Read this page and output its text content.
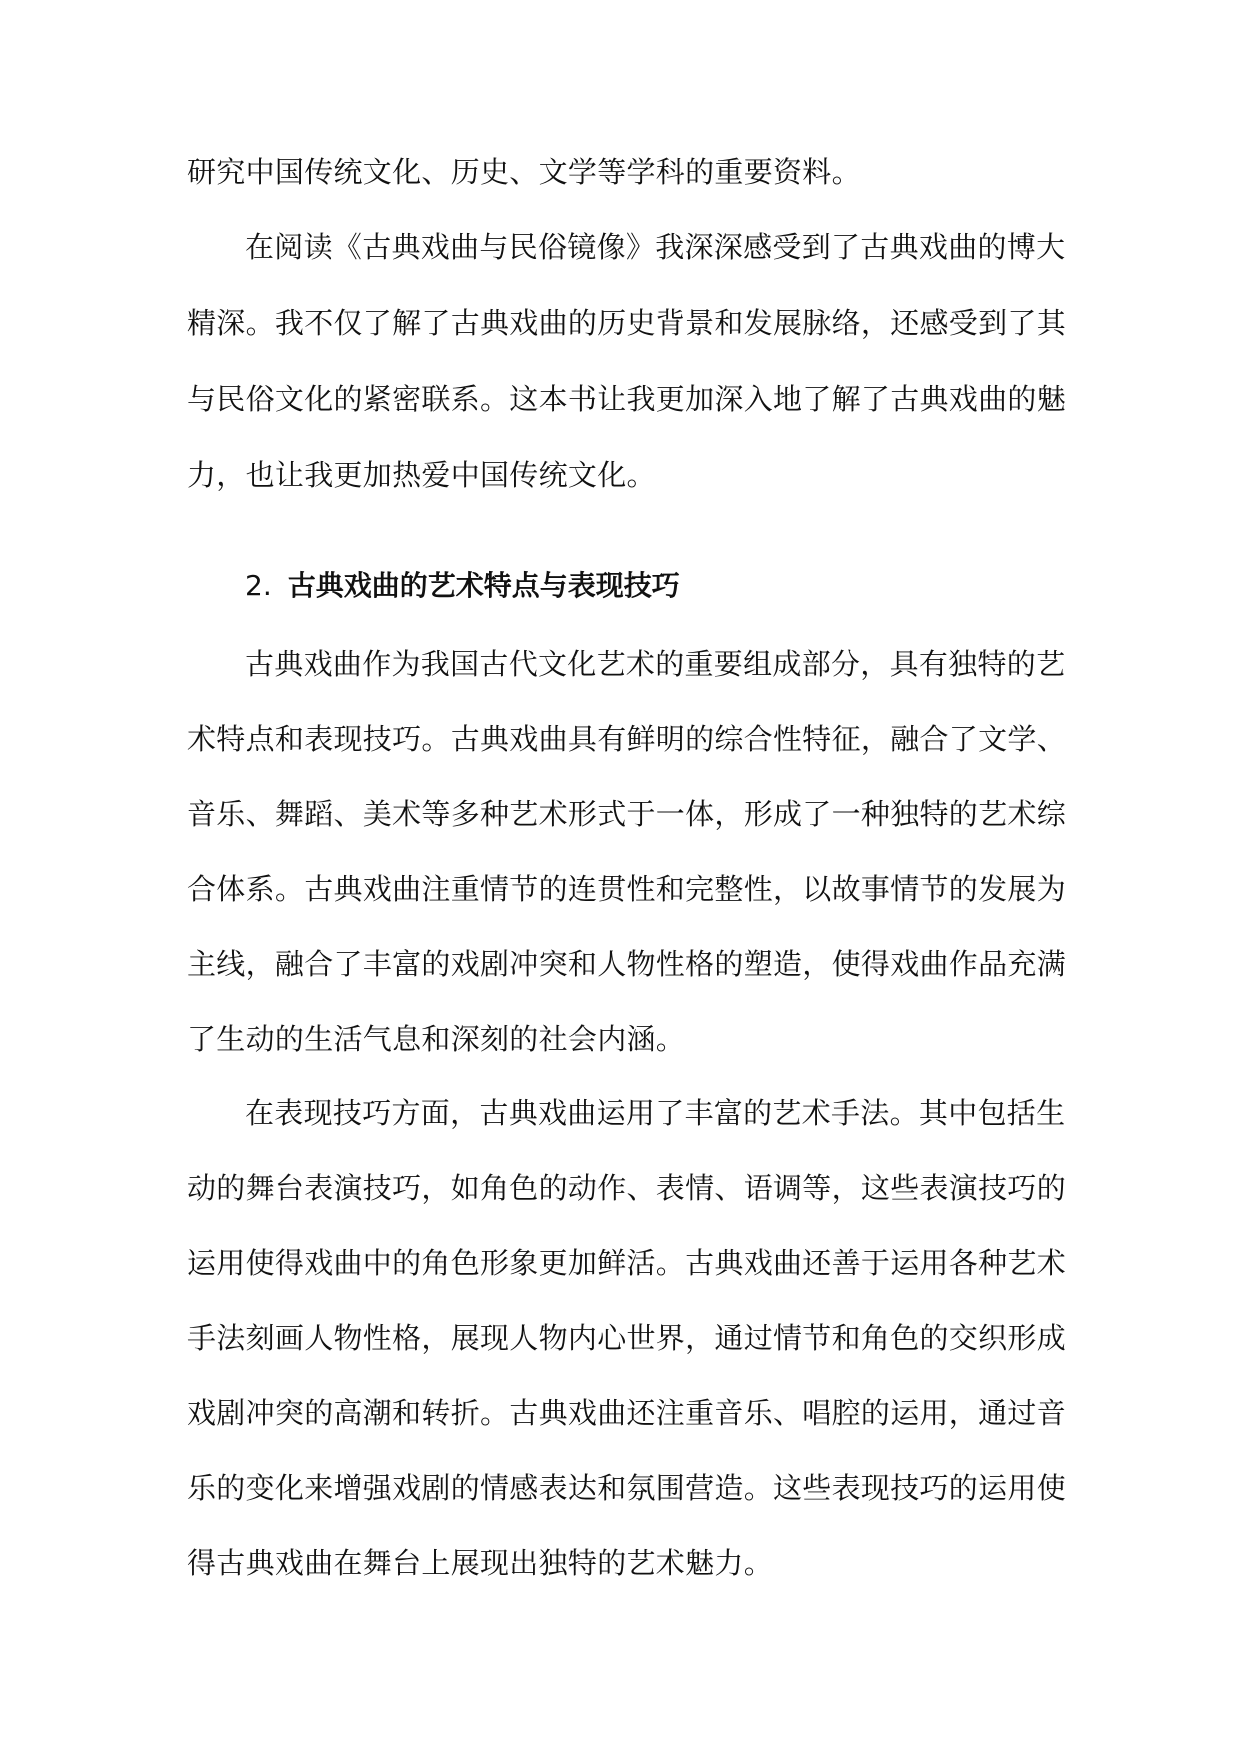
研究中国传统文化、历史、文学等学科的重要资料。
在阅读《古典戏曲与民俗镜像》我深深感受到了古典戏曲的博大
精深。我不仅了解了古典戏曲的历史背景和发展脉络，还感受到了其
与民俗文化的紧密联系。这本书让我更加深入地了解了古典戏曲的魅
力，也让我更加热爱中国传统文化。
2. 古典戏曲的艺术特点与表现技巧
古典戏曲作为我国古代文化艺术的重要组成部分，具有独特的艺
术特点和表现技巧。古典戏曲具有鲜明的综合性特征，融合了文学、
音乐、舞蹈、美术等多种艺术形式于一体，形成了一种独特的艺术综
合体系。古典戏曲注重情节的连贯性和完整性，以故事情节的发展为
主线，融合了丰富的戏剧冲突和人物性格的塑造，使得戏曲作品充满
了生动的生活气息和深刻的社会内涵。
在表现技巧方面，古典戏曲运用了丰富的艺术手法。其中包括生
动的舞台表演技巧，如角色的动作、表情、语调等，这些表演技巧的
运用使得戏曲中的角色形象更加鲜活。古典戏曲还善于运用各种艺术
手法刻画人物性格，展现人物内心世界，通过情节和角色的交织形成
戏剧冲突的高潮和转折。古典戏曲还注重音乐、唱腔的运用，通过音
乐的变化来增强戏剧的情感表达和氛围营造。这些表现技巧的运用使
得古典戏曲在舞台上展现出独特的艺术魅力。
